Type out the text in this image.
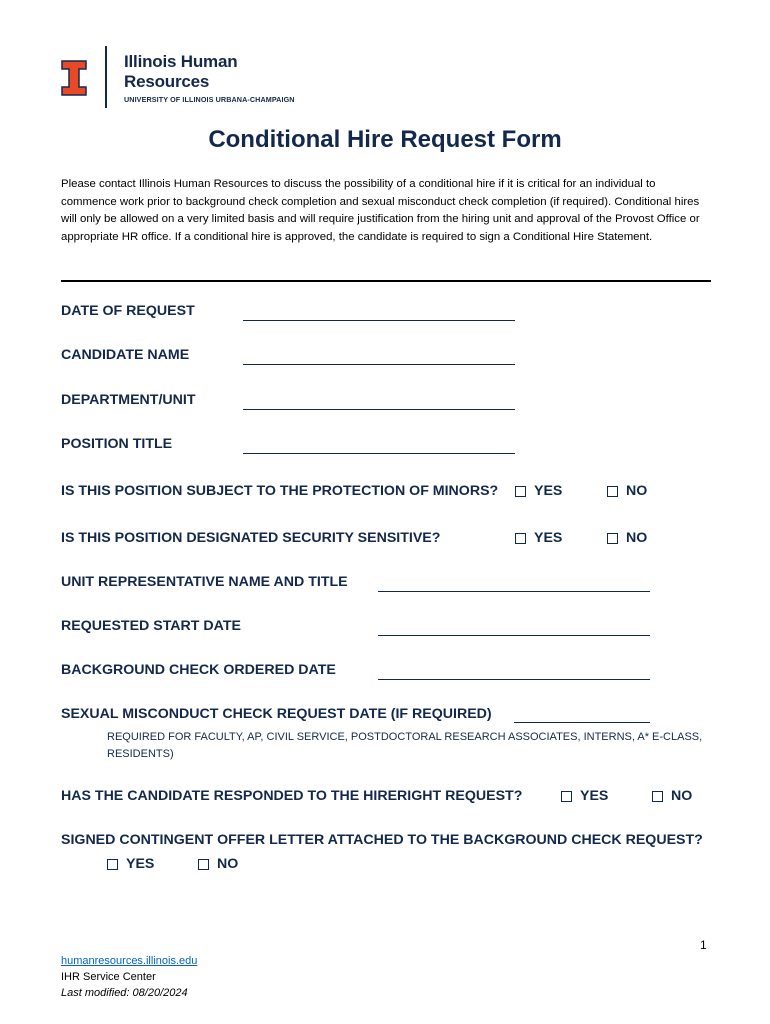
Illinois Human
Resources
UNIVERSITY OF ILLINOIS URBANA-CHAMPAIGN
Conditional Hire Request Form
Please contact Illinois Human Resources to discuss the possibility of a conditional hire if it is critical for an individual to commence work prior to background check completion and sexual misconduct check completion (if required). Conditional hires will only be allowed on a very limited basis and will require justification from the hiring unit and approval of the Provost Office or appropriate HR office. If a conditional hire is approved, the candidate is required to sign a Conditional Hire Statement.
DATE OF REQUEST
CANDIDATE NAME
DEPARTMENT/UNIT
POSITION TITLE
IS THIS POSITION SUBJECT TO THE PROTECTION OF MINORS?	YES	NO
IS THIS POSITION DESIGNATED SECURITY SENSITIVE?	YES	NO
UNIT REPRESENTATIVE NAME AND TITLE
REQUESTED START DATE
BACKGROUND CHECK ORDERED DATE
SEXUAL MISCONDUCT CHECK REQUEST DATE (IF REQUIRED)
REQUIRED FOR FACULTY, AP, CIVIL SERVICE, POSTDOCTORAL RESEARCH ASSOCIATES, INTERNS, A* E-CLASS, RESIDENTS)
HAS THE CANDIDATE RESPONDED TO THE HIRERIGHT REQUEST?	YES	NO
SIGNED CONTINGENT OFFER LETTER ATTACHED TO THE BACKGROUND CHECK REQUEST?
YES	NO
1
humanresources.illinois.edu
IHR Service Center
Last modified: 08/20/2024
